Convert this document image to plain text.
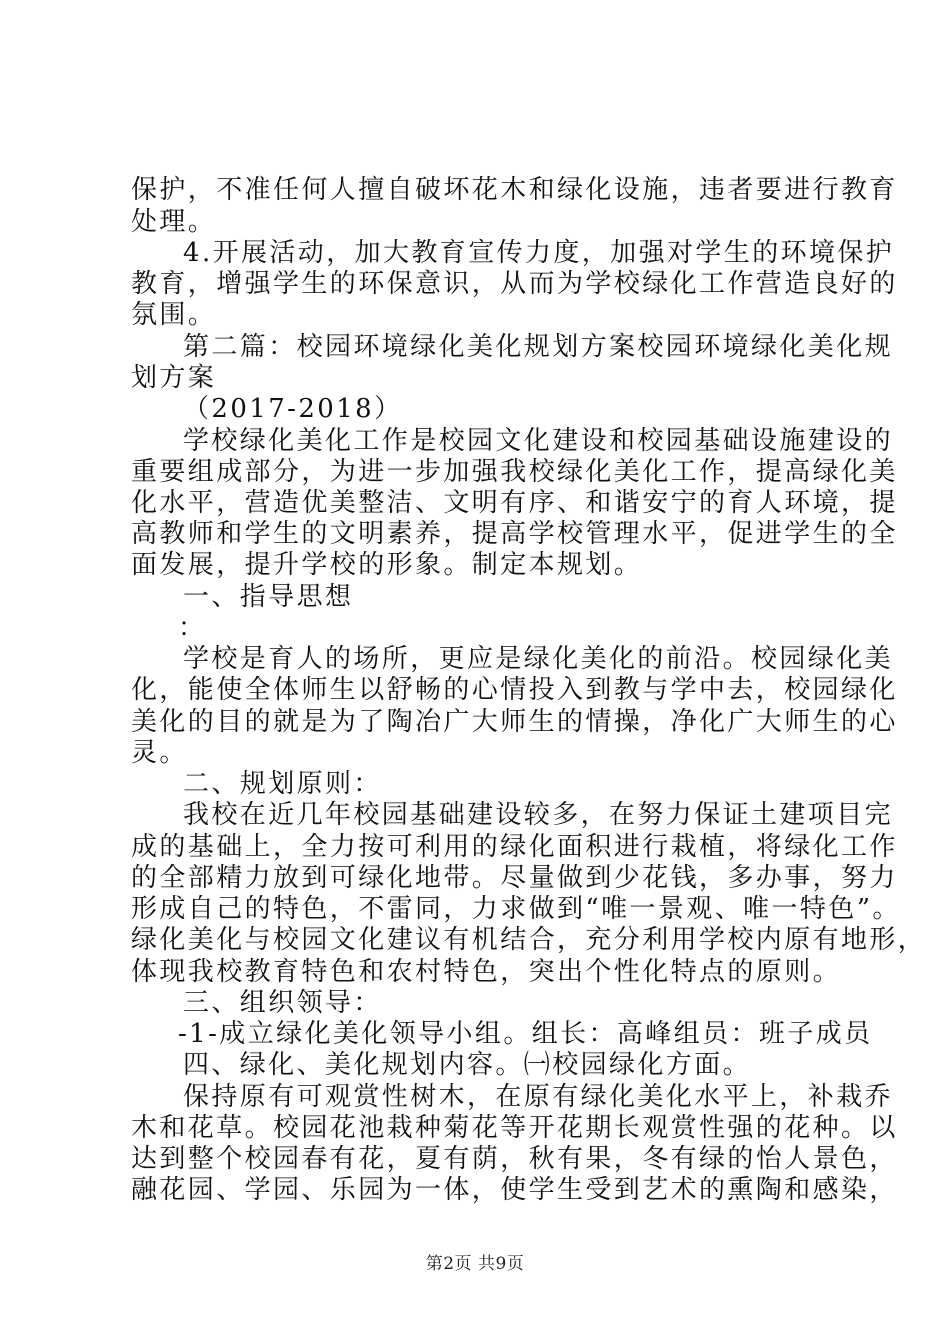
保护，不准任何人擅自破坏花木和绿化设施，违者要进行教育
处理。
4.开展活动，加大教育宣传力度，加强对学生的环境保护
教育，增强学生的环保意识，从而为学校绿化工作营造良好的
氛围。
第二篇：校园环境绿化美化规划方案校园环境绿化美化规
划方案
（2017-2018）
学校绿化美化工作是校园文化建设和校园基础设施建设的
重要组成部分，为进一步加强我校绿化美化工作，提高绿化美
化水平，营造优美整洁、文明有序、和谐安宁的育人环境，提
高教师和学生的文明素养，提高学校管理水平，促进学生的全
面发展，提升学校的形象。制定本规划。
一、指导思想
：
学校是育人的场所，更应是绿化美化的前沿。校园绿化美
化，能使全体师生以舒畅的心情投入到教与学中去，校园绿化
美化的目的就是为了陶冶广大师生的情操，净化广大师生的心
灵。
二、规划原则：
我校在近几年校园基础建设较多，在努力保证土建项目完
成的基础上，全力按可利用的绿化面积进行栽植，将绿化工作
的全部精力放到可绿化地带。尽量做到少花钱，多办事，努力
形成自己的特色，不雷同，力求做到“唯一景观、唯一特色”。
绿化美化与校园文化建议有机结合，充分利用学校内原有地形，
体现我校教育特色和农村特色，突出个性化特点的原则。
三、组织领导：
-1-成立绿化美化领导小组。组长：高峰组员：班子成员
四、绿化、美化规划内容。㈠校园绿化方面。
保持原有可观赏性树木，在原有绿化美化水平上，补栽乔
木和花草。校园花池栽种菊花等开花期长观赏性强的花种。以
达到整个校园春有花，夏有荫，秋有果，冬有绿的怡人景色，
融花园、学园、乐园为一体，使学生受到艺术的熏陶和感染，
第2页 共9页
